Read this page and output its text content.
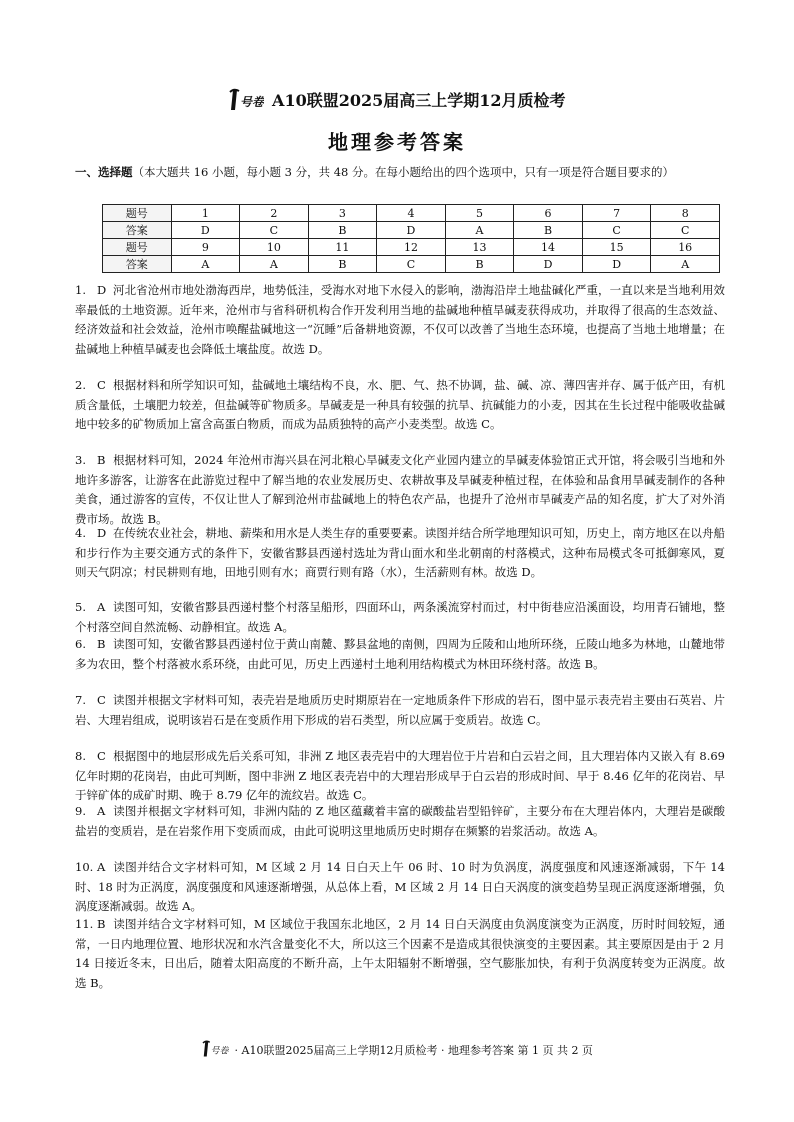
号卷 A10联盟2025届高三上学期12月质检考
地理参考答案
一、选择题（本大题共 16 小题，每小题 3 分，共 48 分。在每小题给出的四个选项中，只有一项是符合题目要求的）
题号	1	2	3	4	5	6	7	8
答案	D	C	B	D	A	B	C	C
题号	9	10	11	12	13	14	15	16
答案	A	A	B	C	B	D	D	A
1. D 河北省沧州市地处渤海西岸，地势低洼，受海水对地下水侵入的影响，渤海沿岸土地盐碱化严重，一直以来是当地利用效率最低的土地资源。近年来，沧州市与省科研机构合作开发利用当地的盐碱地种植旱碱麦获得成功，并取得了很高的生态效益、经济效益和社会效益，沧州市唤醒盐碱地这一“沉睡”后备耕地资源，不仅可以改善了当地生态环境，也提高了当地土地增量；在盐碱地上种植旱碱麦也会降低土壤盐度。故选 D。
2. C 根据材料和所学知识可知，盐碱地土壤结构不良，水、肥、气、热不协调，盐、碱、凉、薄四害并存、属于低产田，有机质含量低，土壤肥力较差，但盐碱等矿物质多。旱碱麦是一种具有较强的抗旱、抗碱能力的小麦，因其在生长过程中能吸收盐碱地中较多的矿物质加上富含高蛋白物质，而成为品质独特的高产小麦类型。故选 C。
3. B 根据材料可知，2024 年沧州市海兴县在河北粮心旱碱麦文化产业园内建立的旱碱麦体验馆正式开馆，将会吸引当地和外地许多游客，让游客在此游览过程中了解当地的农业发展历史、农耕故事及旱碱麦种植过程，在体验和品食用旱碱麦制作的各种美食，通过游客的宣传，不仅让世人了解到沧州市盐碱地上的特色农产品，也提升了沧州市旱碱麦产品的知名度，扩大了对外消费市场。故选 B。
4. D 在传统农业社会，耕地、薪柴和用水是人类生存的重要要素。读图并结合所学地理知识可知，历史上，南方地区在以舟船和步行作为主要交通方式的条件下，安徽省黟县西递村选址为背山面水和坐北朝南的村落模式，这种布局模式冬可抵御寒风，夏则天气阴凉；村民耕则有地，田地引则有水；商贾行则有路（水），生活薪则有林。故选 D。
5. A 读图可知，安徽省黟县西递村整个村落呈船形，四面环山，两条溪流穿村而过，村中街巷应沿溪面设，均用青石铺地，整个村落空间自然流畅、动静相宜。故选 A。
6. B 读图可知，安徽省黟县西递村位于黄山南麓、黟县盆地的南侧，四周为丘陵和山地所环绕，丘陵山地多为林地，山麓地带多为农田，整个村落被水系环绕，由此可见，历史上西递村土地利用结构模式为林田环绕村落。故选 B。
7. C 读图并根据文字材料可知，表壳岩是地质历史时期原岩在一定地质条件下形成的岩石，图中显示表壳岩主要由石英岩、片岩、大理岩组成，说明该岩石是在变质作用下形成的岩石类型，所以应属于变质岩。故选 C。
8. C 根据图中的地层形成先后关系可知，非洲 Z 地区表壳岩中的大理岩位于片岩和白云岩之间，且大理岩体内又嵌入有 8.69 亿年时期的花岗岩，由此可判断，图中非洲 Z 地区表壳岩中的大理岩形成早于白云岩的形成时间、早于 8.46 亿年的花岗岩、早于锌矿体的成矿时期、晚于 8.79 亿年的流纹岩。故选 C。
9. A 读图并根据文字材料可知，非洲内陆的 Z 地区蕴藏着丰富的碳酸盐岩型铅锌矿，主要分布在大理岩体内，大理岩是碳酸盐岩的变质岩，是在岩浆作用下变质而成，由此可说明这里地质历史时期存在频繁的岩浆活动。故选 A。
10. A 读图并结合文字材料可知，M 区域 2 月 14 日白天上午 06 时、10 时为负涡度，涡度强度和风速逐渐减弱，下午 14 时、18 时为正涡度，涡度强度和风速逐渐增强，从总体上看，M 区域 2 月 14 日白天涡度的演变趋势呈现正涡度逐渐增强，负涡度逐渐减弱。故选 A。
11. B 读图并结合文字材料可知，M 区域位于我国东北地区，2 月 14 日白天涡度由负涡度演变为正涡度，历时时间较短，通常，一日内地理位置、地形状况和水汽含量变化不大，所以这三个因素不是造成其很快演变的主要因素。其主要原因是由于 2 月 14 日接近冬末，日出后，随着太阳高度的不断升高，上午太阳辐射不断增强，空气膨胀加快，有利于负涡度转变为正涡度。故选 B。
号卷 · A10联盟2025届高三上学期12月质检考 · 地理参考答案 第 1 页 共 2 页
